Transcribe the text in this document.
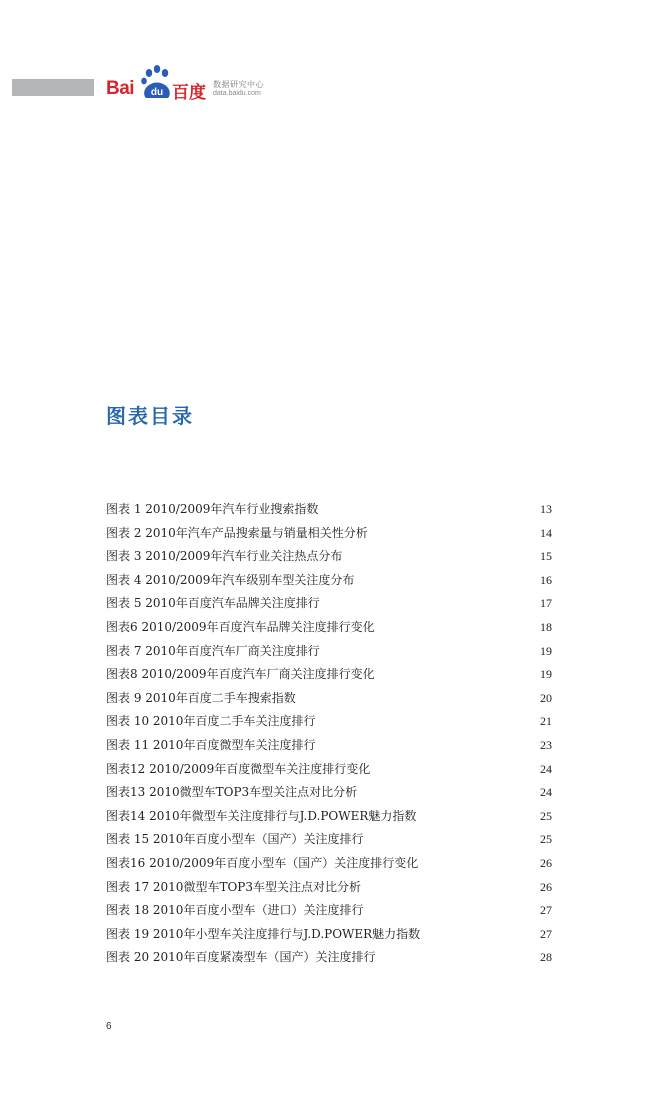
Bai du 百度 数据研究中心
data.baidu.com
图表目录
图表 1 2010/2009年汽车行业搜索指数	13
图表 2 2010年汽车产品搜索量与销量相关性分析	14
图表 3 2010/2009年汽车行业关注热点分布	15
图表 4 2010/2009年汽车级别车型关注度分布	16
图表 5 2010年百度汽车品牌关注度排行	17
图表6 2010/2009年百度汽车品牌关注度排行变化	18
图表 7 2010年百度汽车厂商关注度排行	19
图表8 2010/2009年百度汽车厂商关注度排行变化	19
图表 9 2010年百度二手车搜索指数	20
图表 10 2010年百度二手车关注度排行	21
图表 11 2010年百度微型车关注度排行	23
图表12 2010/2009年百度微型车关注度排行变化	24
图表13 2010微型车TOP3车型关注点对比分析	24
图表14 2010年微型车关注度排行与J.D.POWER魅力指数	25
图表 15 2010年百度小型车（国产）关注度排行	25
图表16 2010/2009年百度小型车（国产）关注度排行变化	26
图表 17 2010微型车TOP3车型关注点对比分析	26
图表 18 2010年百度小型车（进口）关注度排行	27
图表 19 2010年小型车关注度排行与J.D.POWER魅力指数	27
图表 20 2010年百度紧凑型车（国产）关注度排行	28
6
